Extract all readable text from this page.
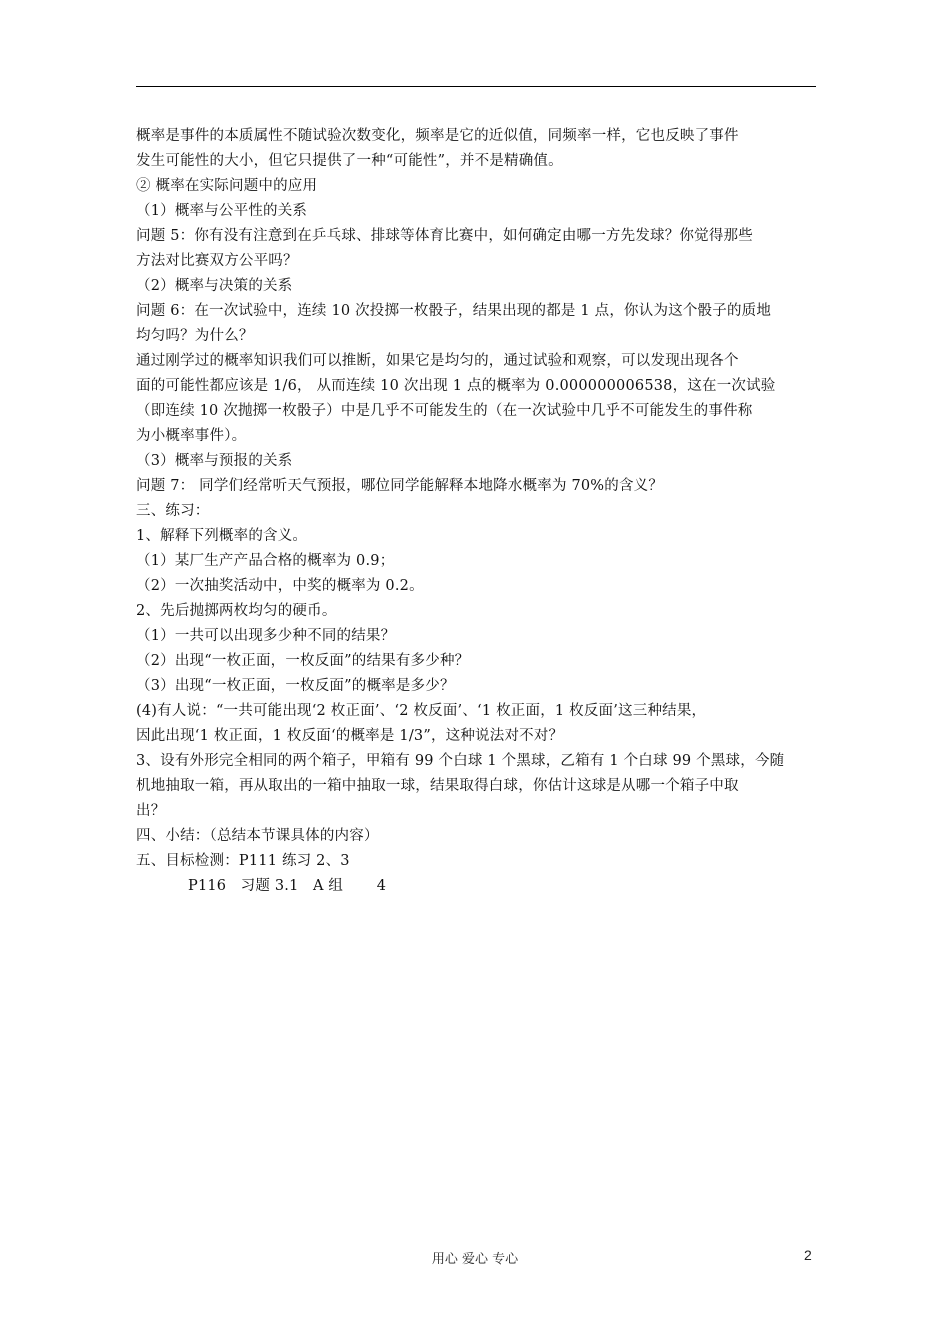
概率是事件的本质属性不随试验次数变化，频率是它的近似值，同频率一样，它也反映了事件

发生可能性的大小，但它只提供了一种“可能性”，并不是精确值。

② 概率在实际问题中的应用

（1）概率与公平性的关系

问题 5：你有没有注意到在乒乓球、排球等体育比赛中，如何确定由哪一方先发球？你觉得那些

方法对比赛双方公平吗？

（2）概率与决策的关系

问题 6：在一次试验中，连续 10 次投掷一枚骰子，结果出现的都是 1 点，你认为这个骰子的质地

均匀吗？为什么？

通过刚学过的概率知识我们可以推断，如果它是均匀的，通过试验和观察，可以发现出现各个

面的可能性都应该是 1/6， 从而连续 10 次出现 1 点的概率为 0.000000006538，这在一次试验

（即连续 10 次抛掷一枚骰子）中是几乎不可能发生的（在一次试验中几乎不可能发生的事件称

为小概率事件）。

（3）概率与预报的关系

问题 7： 同学们经常听天气预报，哪位同学能解释本地降水概率为 70%的含义？

三、练习：

1、解释下列概率的含义。

（1）某厂生产产品合格的概率为 0.9；

（2）一次抽奖活动中，中奖的概率为 0.2。

2、先后抛掷两枚均匀的硬币。

（1）一共可以出现多少种不同的结果？

（2）出现“一枚正面，一枚反面”的结果有多少种？

（3）出现“一枚正面，一枚反面”的概率是多少？

(4)有人说：“一共可能出现‘2 枚正面’、‘2 枚反面’、‘1 枚正面，1 枚反面’这三种结果，

因此出现‘1 枚正面，1 枚反面‘的概率是 1/3”，这种说法对不对？

3、设有外形完全相同的两个箱子，甲箱有 99 个白球 1 个黑球，乙箱有 1 个白球 99 个黑球，今随

机地抽取一箱，再从取出的一箱中抽取一球，结果取得白球，你估计这球是从哪一个箱子中取

出？

四、小结：（总结本节课具体的内容）

五、目标检测：P111 练习 2、3

P116   习题 3.1   A 组       4

用心 爱心 专心	2
